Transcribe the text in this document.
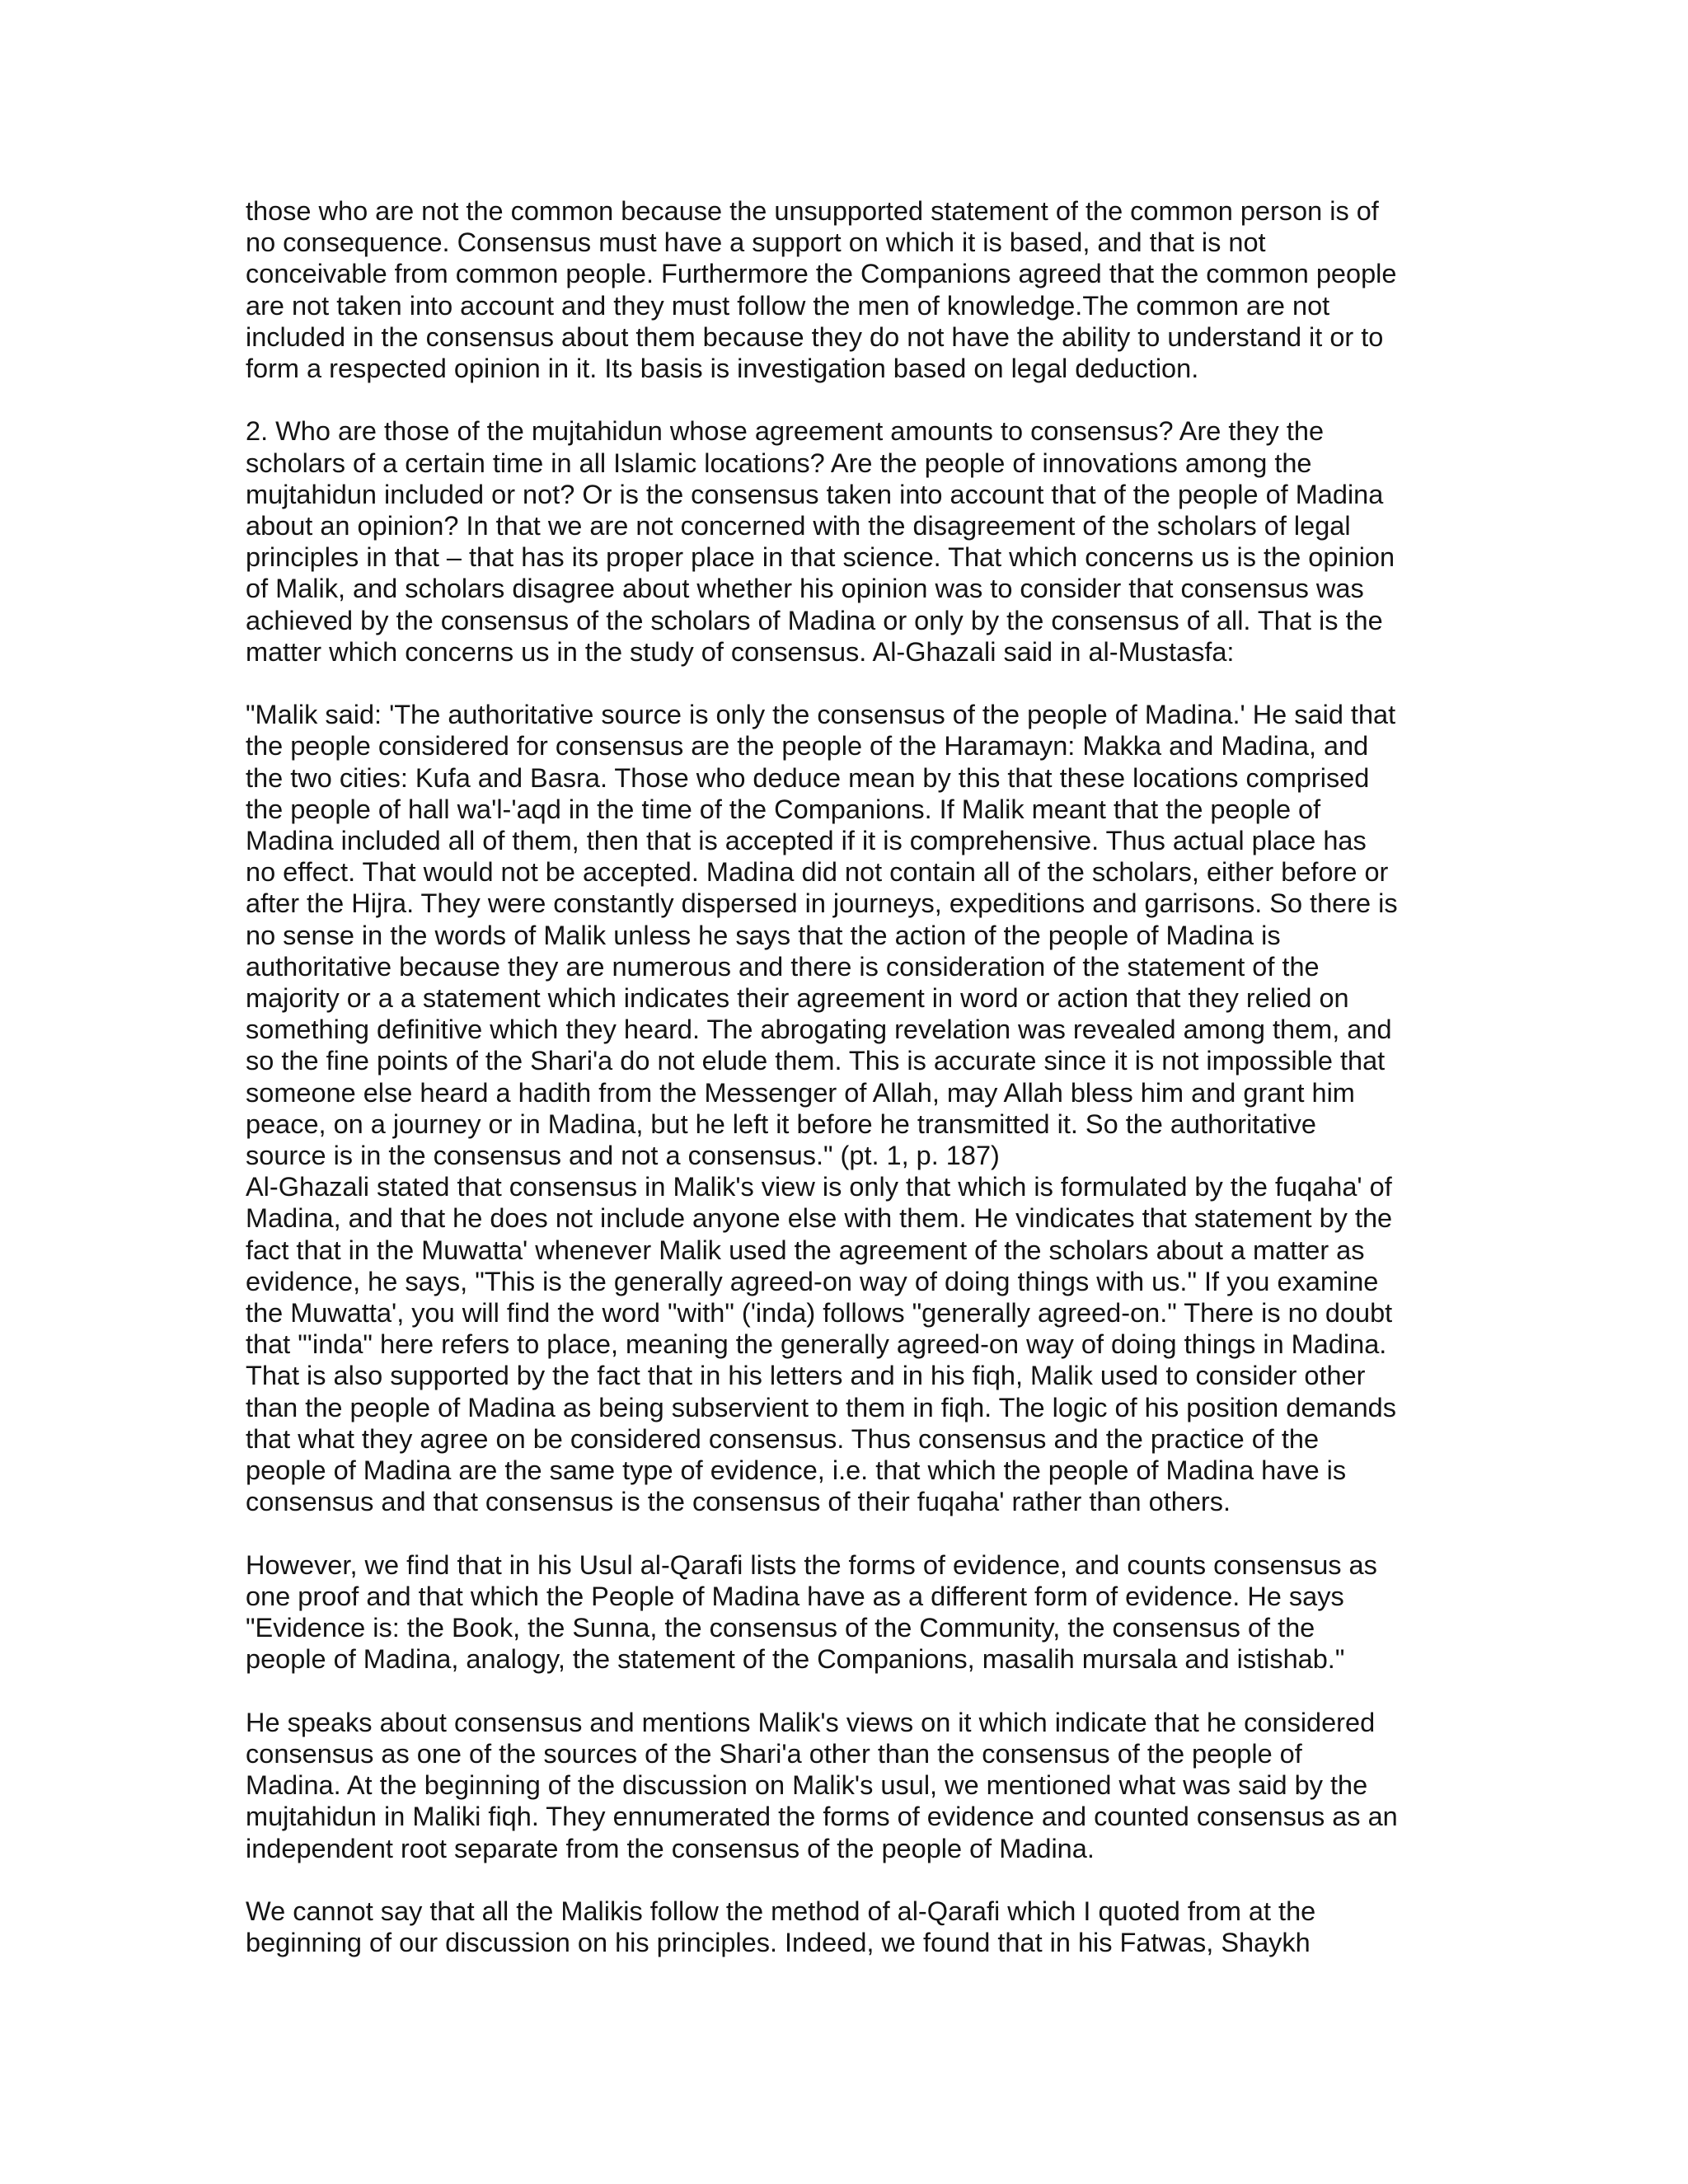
those who are not the common because the unsupported statement of the common person is of
no consequence. Consensus must have a support on which it is based, and that is not
conceivable from common people. Furthermore the Companions agreed that the common people
are not taken into account and they must follow the men of knowledge.The common are not
included in the consensus about them because they do not have the ability to understand it or to
form a respected opinion in it. Its basis is investigation based on legal deduction.

2. Who are those of the mujtahidun whose agreement amounts to consensus? Are they the
scholars of a certain time in all Islamic locations? Are the people of innovations among the
mujtahidun included or not? Or is the consensus taken into account that of the people of Madina
about an opinion? In that we are not concerned with the disagreement of the scholars of legal
principles in that – that has its proper place in that science. That which concerns us is the opinion
of Malik, and scholars disagree about whether his opinion was to consider that consensus was
achieved by the consensus of the scholars of Madina or only by the consensus of all. That is the
matter which concerns us in the study of consensus. Al-Ghazali said in al-Mustasfa:

"Malik said: 'The authoritative source is only the consensus of the people of Madina.' He said that
the people considered for consensus are the people of the Haramayn: Makka and Madina, and
the two cities: Kufa and Basra. Those who deduce mean by this that these locations comprised
the people of hall wa'l-'aqd in the time of the Companions. If Malik meant that the people of
Madina included all of them, then that is accepted if it is comprehensive. Thus actual place has
no effect. That would not be accepted. Madina did not contain all of the scholars, either before or
after the Hijra. They were constantly dispersed in journeys, expeditions and garrisons. So there is
no sense in the words of Malik unless he says that the action of the people of Madina is
authoritative because they are numerous and there is consideration of the statement of the
majority or a a statement which indicates their agreement in word or action that they relied on
something definitive which they heard. The abrogating revelation was revealed among them, and
so the fine points of the Shari'a do not elude them. This is accurate since it is not impossible that
someone else heard a hadith from the Messenger of Allah, may Allah bless him and grant him
peace, on a journey or in Madina, but he left it before he transmitted it. So the authoritative
source is in the consensus and not a consensus." (pt. 1, p. 187)

Al-Ghazali stated that consensus in Malik's view is only that which is formulated by the fuqaha' of
Madina, and that he does not include anyone else with them. He vindicates that statement by the
fact that in the Muwatta' whenever Malik used the agreement of the scholars about a matter as
evidence, he says, "This is the generally agreed-on way of doing things with us." If you examine
the Muwatta', you will find the word "with" ('inda) follows "generally agreed-on." There is no doubt
that "'inda" here refers to place, meaning the generally agreed-on way of doing things in Madina.
That is also supported by the fact that in his letters and in his fiqh, Malik used to consider other
than the people of Madina as being subservient to them in fiqh. The logic of his position demands
that what they agree on be considered consensus. Thus consensus and the practice of the
people of Madina are the same type of evidence, i.e. that which the people of Madina have is
consensus and that consensus is the consensus of their fuqaha' rather than others.

However, we find that in his Usul al-Qarafi lists the forms of evidence, and counts consensus as
one proof and that which the People of Madina have as a different form of evidence. He says
"Evidence is: the Book, the Sunna, the consensus of the Community, the consensus of the
people of Madina, analogy, the statement of the Companions, masalih mursala and istishab."

He speaks about consensus and mentions Malik's views on it which indicate that he considered
consensus as one of the sources of the Shari'a other than the consensus of the people of
Madina. At the beginning of the discussion on Malik's usul, we mentioned what was said by the
mujtahidun in Maliki fiqh. They ennumerated the forms of evidence and counted consensus as an
independent root separate from the consensus of the people of Madina.

We cannot say that all the Malikis follow the method of al-Qarafi which I quoted from at the
beginning of our discussion on his principles. Indeed, we found that in his Fatwas, Shaykh
